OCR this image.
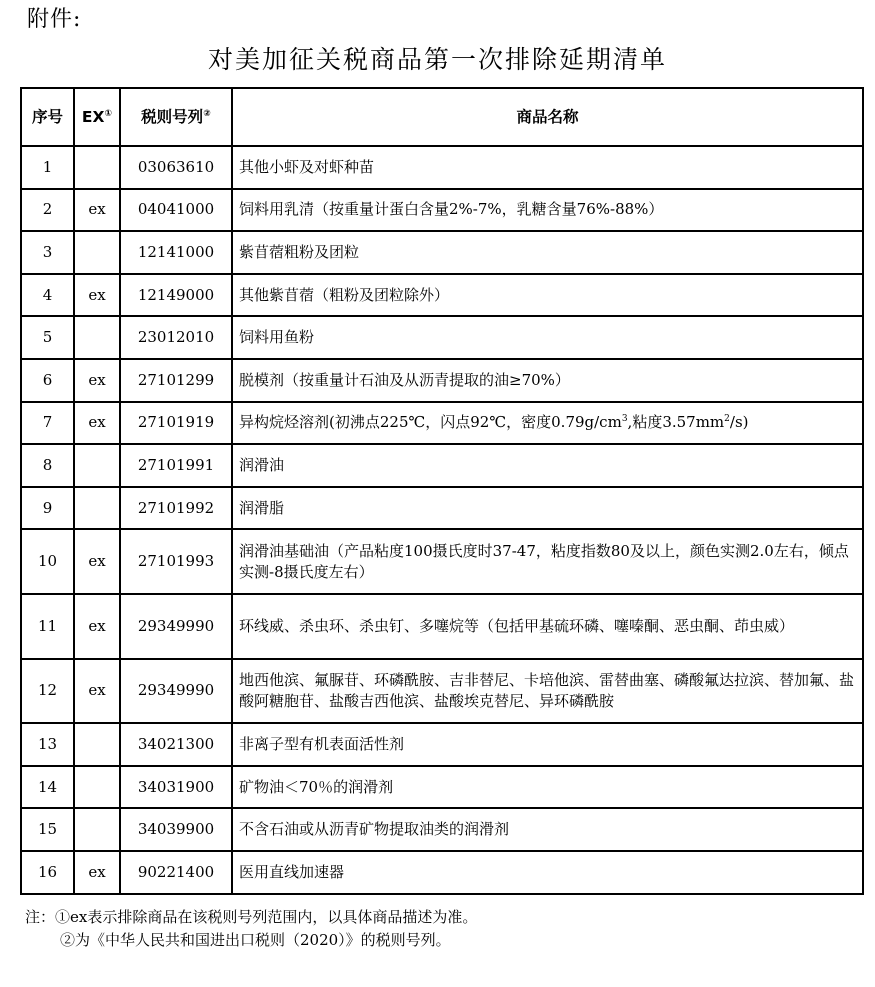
附件:
对美加征关税商品第一次排除延期清单
序号	EX①	税则号列②	商品名称
1		03063610	其他小虾及对虾种苗
2	ex	04041000	饲料用乳清（按重量计蛋白含量2%-7%，乳糖含量76%-88%）
3		12141000	紫苜蓿粗粉及团粒
4	ex	12149000	其他紫苜蓿（粗粉及团粒除外）
5		23012010	饲料用鱼粉
6	ex	27101299	脱模剂（按重量计石油及从沥青提取的油≥70%）
7	ex	27101919	异构烷烃溶剂(初沸点225℃，闪点92℃，密度$0.79g/cm^3$,粘度$3.57mm^2/s$)
8		27101991	润滑油
9		27101992	润滑脂
10	ex	27101993	润滑油基础油（产品粘度100摄氏度时37-47，粘度指数80及以上，颜色实测2.0左右，倾点实测-8摄氏度左右）
11	ex	29349990	环线威、杀虫环、杀虫钉、多噻烷等（包括甲基硫环磷、噻嗪酮、恶虫酮、茚虫威）
12	ex	29349990	地西他滨、氟脲苷、环磷酰胺、吉非替尼、卡培他滨、雷替曲塞、磷酸氟达拉滨、替加氟、盐酸阿糖胞苷、盐酸吉西他滨、盐酸埃克替尼、异环磷酰胺
13		34021300	非离子型有机表面活性剂
14		34031900	矿物油＜70％的润滑剂
15		34039900	不含石油或从沥青矿物提取油类的润滑剂
16	ex	90221400	医用直线加速器
注：①ex表示排除商品在该税则号列范围内，以具体商品描述为准。
②为《中华人民共和国进出口税则（2020）》的税则号列。
